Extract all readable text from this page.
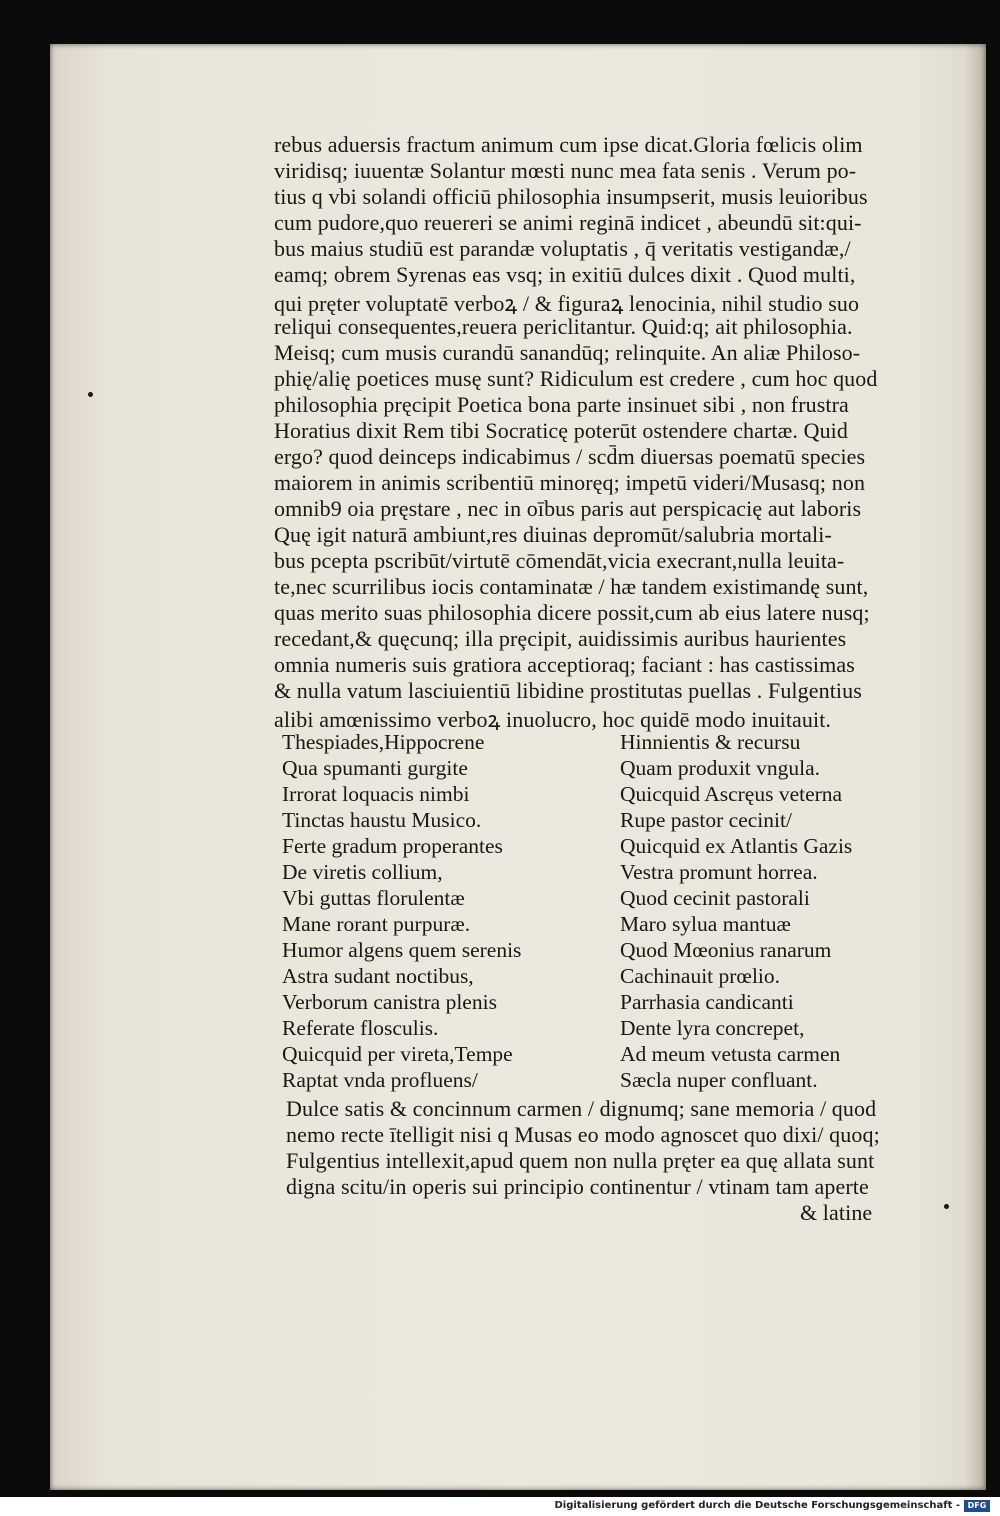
rebus aduersis fractum animum cum ipse dicat.Gloria fœlicis olim
viridisq; iuuentæ Solantur mœsti nunc mea fata senis . Verum po-
tius q vbi solandi officiū philosophia insumpserit, musis leuioribus
cum pudore,quo reuereri se animi reginā indicet , abeundū sit:qui-
bus maius studiū est parandæ voluptatis , q̄ veritatis vestigandæ,/
eamq; obrem Syrenas eas vsq; in exitiū dulces dixit . Quod multi,
qui pręter voluptatē verboꝝ / & figuraꝝ lenocinia, nihil studio suo
reliqui consequentes,reuera periclitantur. Quid:q; ait philosophia.
Meisq; cum musis curandū sanandūq; relinquite. An aliæ Philoso-
phię/alię poetices musę sunt? Ridiculum est credere , cum hoc quod
philosophia pręcipit Poetica bona parte insinuet sibi , non frustra
Horatius dixit Rem tibi Socraticę poterūt ostendere chartæ. Quid
ergo? quod deinceps indicabimus / scd̄m diuersas poematū species
maiorem in animis scribentiū minoręq; impetū videri/Musasq; non
omnib9 oia pręstare , nec in oībus paris aut perspicacię aut laboris
Quę igit naturā ambiunt,res diuinas depromūt/salubria mortali-
bus pcepta pscribūt/virtutē cōmendāt,vicia execrant,nulla leuita-
te,nec scurrilibus iocis contaminatæ / hæ tandem existimandę sunt,
quas merito suas philosophia dicere possit,cum ab eius latere nusq;
recedant,& quęcunq; illa prȩcipit, auidissimis auribus haurientes
omnia numeris suis gratiora acceptioraq; faciant : has castissimas
& nulla vatum lasciuientiū libidine prostitutas puellas . Fulgentius
alibi amœnissimo verboꝝ inuolucro, hoc quidē modo inuitauit.
Thespiades,Hippocrene
Qua spumanti gurgite
Irrorat loquacis nimbi
Tinctas haustu Musico.
Ferte gradum properantes
De viretis collium,
Vbi guttas florulentæ
Mane rorant purpuræ.
Humor algens quem serenis
Astra sudant noctibus,
Verborum canistra plenis
Referate flosculis.
Quicquid per vireta,Tempe
Raptat vnda profluens/
Hinnientis & recursu
Quam produxit vngula.
Quicquid Ascręus veterna
Rupe pastor cecinit/
Quicquid ex Atlantis Gazis
Vestra promunt horrea.
Quod cecinit pastorali
Maro sylua mantuæ
Quod Mœonius ranarum
Cachinauit prœlio.
Parrhasia candicanti
Dente lyra concrepet,
Ad meum vetusta carmen
Sæcla nuper confluant.
Dulce satis & concinnum carmen / dignumq; sane memoria / quod
nemo recte ītelligit nisi q Musas eo modo agnoscet quo dixi/ quoq;
Fulgentius intellexit,apud quem non nulla pręter ea quę allata sunt
digna scitu/in operis sui principio continentur / vtinam tam aperte
& latine
Digitalisierung gefördert durch die Deutsche Forschungsgemeinschaft - DFG
